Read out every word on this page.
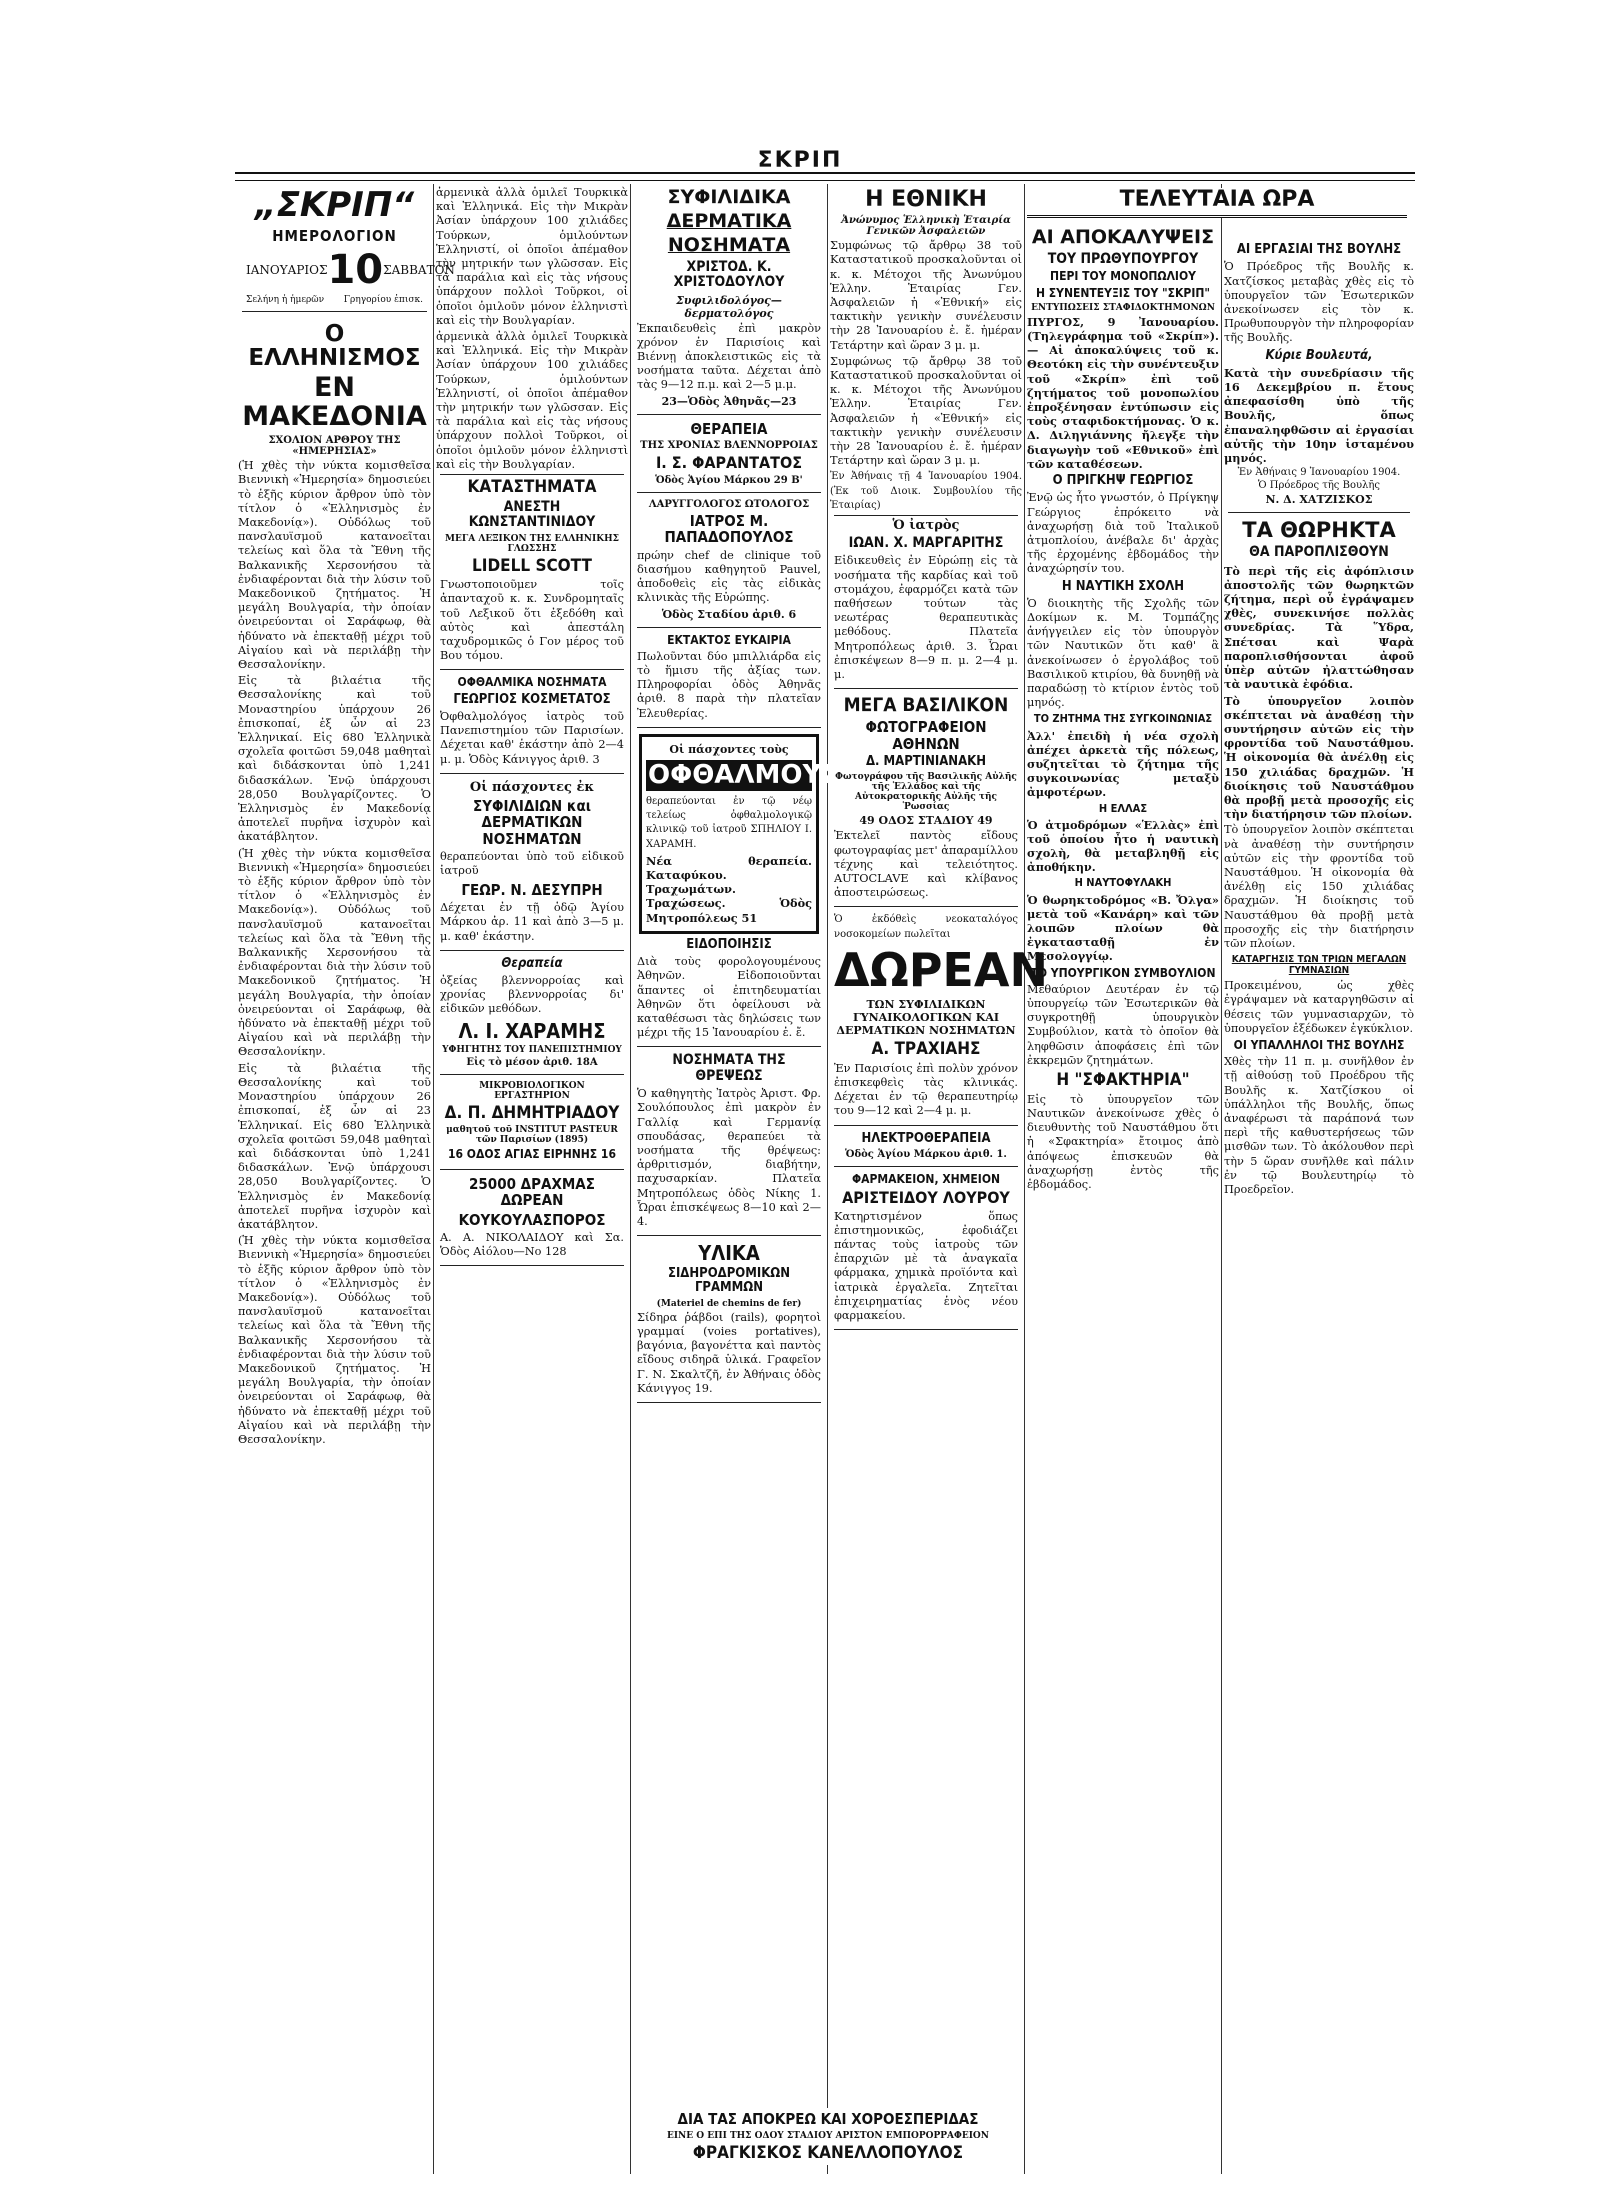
ΣΚΡΙΠ
„ΣΚΡΙΠ“
ΗΜΕΡΟΛΟΓΙΟΝ
ΙΑΝΟΥΑΡΙΟΣ 10 ΣΑΒΒΑΤΟΝ
Σελήνη ἡ ἡμερῶν Γρηγορίου ἐπισκ.
Ο ΕΛΛΗΝΙΣΜΟΣ
ΕΝ ΜΑΚΕΔΟΝΙΑ
ΣΧΟΛΙΟΝ ΑΡΘΡΟΥ ΤΗΣ «ΗΜΕΡΗΣΙΑΣ»

(Ἡ χθὲς τὴν νύκτα κομισθεῖσα Βιεννικὴ «Ἡμερησία» δημοσιεύει τὸ ἑξῆς κύριον ἄρθρον ὑπὸ τὸν τίτλον ὁ «Ἑλληνισμὸς ἐν Μακεδονίᾳ»). Οὐδόλως τοῦ πανσλαυϊσμοῦ κατανοεῖται τελείως καὶ ὅλα τὰ Ἔθνη τῆς Βαλκανικῆς Χερσονήσου τὰ ἐνδιαφέρονται διὰ τὴν λύσιν τοῦ Μακεδονικοῦ ζητήματος. Ἡ μεγάλη Βουλγαρία, τὴν ὁποίαν ὀνειρεύονται οἱ Σαράφωφ, θὰ ἠδύνατο νὰ ἐπεκταθῇ μέχρι τοῦ Αἰγαίου καὶ νὰ περιλάβῃ τὴν Θεσσαλονίκην.

Εἰς τὰ βιλαέτια τῆς Θεσσαλονίκης καὶ τοῦ Μοναστηρίου ὑπάρχουν 26 ἐπισκοπαί, ἐξ ὧν αἱ 23 Ἑλληνικαί. Εἰς 680 Ἑλληνικὰ σχολεῖα φοιτῶσι 59,048 μαθηταὶ καὶ διδάσκονται ὑπὸ 1,241 διδασκάλων. Ἐνῷ ὑπάρχουσι 28,050 Βουλγαρίζοντες. Ὁ Ἑλληνισμὸς ἐν Μακεδονίᾳ ἀποτελεῖ πυρῆνα ἰσχυρὸν καὶ ἀκατάβλητον.

(Ἡ χθὲς τὴν νύκτα κομισθεῖσα Βιεννικὴ «Ἡμερησία» δημοσιεύει τὸ ἑξῆς κύριον ἄρθρον ὑπὸ τὸν τίτλον ὁ «Ἑλληνισμὸς ἐν Μακεδονίᾳ»). Οὐδόλως τοῦ πανσλαυϊσμοῦ κατανοεῖται τελείως καὶ ὅλα τὰ Ἔθνη τῆς Βαλκανικῆς Χερσονήσου τὰ ἐνδιαφέρονται διὰ τὴν λύσιν τοῦ Μακεδονικοῦ ζητήματος. Ἡ μεγάλη Βουλγαρία, τὴν ὁποίαν ὀνειρεύονται οἱ Σαράφωφ, θὰ ἠδύνατο νὰ ἐπεκταθῇ μέχρι τοῦ Αἰγαίου καὶ νὰ περιλάβῃ τὴν Θεσσαλονίκην.

Εἰς τὰ βιλαέτια τῆς Θεσσαλονίκης καὶ τοῦ Μοναστηρίου ὑπάρχουν 26 ἐπισκοπαί, ἐξ ὧν αἱ 23 Ἑλληνικαί. Εἰς 680 Ἑλληνικὰ σχολεῖα φοιτῶσι 59,048 μαθηταὶ καὶ διδάσκονται ὑπὸ 1,241 διδασκάλων. Ἐνῷ ὑπάρχουσι 28,050 Βουλγαρίζοντες. Ὁ Ἑλληνισμὸς ἐν Μακεδονίᾳ ἀποτελεῖ πυρῆνα ἰσχυρὸν καὶ ἀκατάβλητον.

(Ἡ χθὲς τὴν νύκτα κομισθεῖσα Βιεννικὴ «Ἡμερησία» δημοσιεύει τὸ ἑξῆς κύριον ἄρθρον ὑπὸ τὸν τίτλον ὁ «Ἑλληνισμὸς ἐν Μακεδονίᾳ»). Οὐδόλως τοῦ πανσλαυϊσμοῦ κατανοεῖται τελείως καὶ ὅλα τὰ Ἔθνη τῆς Βαλκανικῆς Χερσονήσου τὰ ἐνδιαφέρονται διὰ τὴν λύσιν τοῦ Μακεδονικοῦ ζητήματος. Ἡ μεγάλη Βουλγαρία, τὴν ὁποίαν ὀνειρεύονται οἱ Σαράφωφ, θὰ ἠδύνατο νὰ ἐπεκταθῇ μέχρι τοῦ Αἰγαίου καὶ νὰ περιλάβῃ τὴν Θεσσαλονίκην.

ἀρμενικὰ ἀλλὰ ὁμιλεῖ Τουρκικὰ καὶ Ἑλληνικά. Εἰς τὴν Μικρὰν Ἀσίαν ὑπάρχουν 100 χιλιάδες Τούρκων, ὁμιλούντων Ἑλληνιστί, οἱ ὁποῖοι ἀπέμαθον τὴν μητρικήν των γλῶσσαν. Εἰς τὰ παράλια καὶ εἰς τὰς νήσους ὑπάρχουν πολλοὶ Τοῦρκοι, οἱ ὁποῖοι ὁμιλοῦν μόνον ἑλληνιστὶ καὶ εἰς τὴν Βουλγαρίαν.

ἀρμενικὰ ἀλλὰ ὁμιλεῖ Τουρκικὰ καὶ Ἑλληνικά. Εἰς τὴν Μικρὰν Ἀσίαν ὑπάρχουν 100 χιλιάδες Τούρκων, ὁμιλούντων Ἑλληνιστί, οἱ ὁποῖοι ἀπέμαθον τὴν μητρικήν των γλῶσσαν. Εἰς τὰ παράλια καὶ εἰς τὰς νήσους ὑπάρχουν πολλοὶ Τοῦρκοι, οἱ ὁποῖοι ὁμιλοῦν μόνον ἑλληνιστὶ καὶ εἰς τὴν Βουλγαρίαν.

ΚΑΤΑΣΤΗΜΑΤΑ
ΑΝΕΣΤΗ ΚΩΝΣΤΑΝΤΙΝΙΔΟΥ
ΜΕΓΑ ΛΕΞΙΚΟΝ ΤΗΣ ΕΛΛΗΝΙΚΗΣ ΓΛΩΣΣΗΣ
LIDELL SCOTT

Γνωστοποιοῦμεν τοῖς ἀπανταχοῦ κ. κ. Συνδρομηταῖς τοῦ Λεξικοῦ ὅτι ἐξεδόθη καὶ αὐτὸς καὶ ἀπεστάλη ταχυδρομικῶς ὁ Γον μέρος τοῦ Βου τόμου.

ΟΦΘΑΛΜΙΚΑ ΝΟΣΗΜΑΤΑ
ΓΕΩΡΓΙΟΣ ΚΟΣΜΕΤΑΤΟΣ

Ὀφθαλμολόγος ἰατρὸς τοῦ Πανεπιστημίου τῶν Παρισίων. Δέχεται καθ' ἑκάστην ἀπὸ 2—4 μ. μ. Ὁδὸς Κάνιγγος ἀριθ. 3

Οἱ πάσχοντες ἐκ
ΣΥΦΙΛΙΔΙΩΝ και ΔΕΡΜΑΤΙΚΩΝ ΝΟΣΗΜΑΤΩΝ

θεραπεύονται ὑπὸ τοῦ εἰδικοῦ ἰατροῦ

ΓΕΩΡ. Ν. ΔΕΣΥΠΡΗ

Δέχεται ἐν τῇ ὁδῷ Ἁγίου Μάρκου ἀρ. 11 καὶ ἀπὸ 3—5 μ. μ. καθ' ἑκάστην.

Θεραπεία

ὀξείας βλεννορροίας καὶ χρονίας βλεννορροίας δι' εἰδικῶν μεθόδων.

Λ. Ι. ΧΑΡΑΜΗΣ
ΥΦΗΓΗΤΗΣ ΤΟΥ ΠΑΝΕΠΙΣΤΗΜΙΟΥ
Εἰς τὸ μέσον ἀριθ. 18Α
ΜΙΚΡΟΒΙΟΛΟΓΙΚΟΝ ΕΡΓΑΣΤΗΡΙΟΝ
Δ. Π. ΔΗΜΗΤΡΙΑΔΟΥ
μαθητοῦ τοῦ INSTITUT PASTEUR τῶν Παρισίων (1895)
16 ΟΔΟΣ ΑΓΙΑΣ ΕΙΡΗΝΗΣ 16
25000 ΔΡΑΧΜΑΣ ΔΩΡΕΑΝ
ΚΟΥΚΟΥΛΑΣΠΟΡΟΣ

Α. Α. ΝΙΚΟΛΑΙΔΟΥ καὶ Σα. Ὁδὸς Αἰόλου—Νο 128

ΣΥΦΙΛΙΔΙΚΑ
ΔΕΡΜΑΤΙΚΑ
ΝΟΣΗΜΑΤΑ
ΧΡΙΣΤΟΔ. Κ. ΧΡΙΣΤΟΔΟΥΛΟΥ
Συφιλιδολόγος—δερματολόγος

Ἐκπαιδευθεὶς ἐπὶ μακρὸν χρόνον ἐν Παρισίοις καὶ Βιέννῃ ἀποκλειστικῶς εἰς τὰ νοσήματα ταῦτα. Δέχεται ἀπὸ τὰς 9—12 π.μ. καὶ 2—5 μ.μ.

23—Ὁδὸς Ἀθηνᾶς—23
ΘΕΡΑΠΕΙΑ
ΤΗΣ ΧΡΟΝΙΑΣ ΒΛΕΝΝΟΡΡΟΙΑΣ
Ι. Σ. ΦΑΡΑΝΤΑΤΟΣ
Ὁδὸς Ἁγίου Μάρκου 29 Β'
ΛΑΡΥΓΓΟΛΟΓΟΣ ΩΤΟΛΟΓΟΣ
ΙΑΤΡΟΣ Μ. ΠΑΠΑΔΟΠΟΥΛΟΣ

πρώην chef de clinique τοῦ διασήμου καθηγητοῦ Pauvel, ἀποδοθεὶς εἰς τὰς εἰδικὰς κλινικὰς τῆς Εὐρώπης.

Ὁδὸς Σταδίου ἀριθ. 6
ΕΚΤΑΚΤΟΣ ΕΥΚΑΙΡΙΑ

Πωλοῦνται δύο μπιλλιάρδα εἰς τὸ ἥμισυ τῆς ἀξίας των. Πληροφορίαι ὁδὸς Ἀθηνᾶς ἀριθ. 8 παρὰ τὴν πλατεῖαν Ἐλευθερίας.

Οἱ πάσχοντες τοὺς
ΟΦΘΑΛΜΟΥΣ

θεραπεύονται ἐν τῷ νέῳ τελείως ὀφθαλμολογικῷ κλινικῷ τοῦ ἰατροῦ ΣΠΗΛΙΟΥ Ι. ΧΑΡΑΜΗ.

Νέα θεραπεία. Καταφύκου. Τραχωμάτων. Τραχώσεως. Ὁδὸς Μητροπόλεως 51

ΕΙΔΟΠΟΙΗΣΙΣ

Διὰ τοὺς φορολογουμένους Ἀθηνῶν. Εἰδοποιοῦνται ἅπαντες οἱ ἐπιτηδευματίαι Ἀθηνῶν ὅτι ὀφείλουσι νὰ καταθέσωσι τὰς δηλώσεις των μέχρι τῆς 15 Ἰανουαρίου ἐ. ἔ.

ΝΟΣΗΜΑΤΑ ΤΗΣ ΘΡΕΨΕΩΣ

Ὁ καθηγητὴς Ἰατρὸς Ἀριστ. Φρ. Σουλόπουλος ἐπὶ μακρὸν ἐν Γαλλίᾳ καὶ Γερμανίᾳ σπουδάσας, θεραπεύει τὰ νοσήματα τῆς θρέψεως: ἀρθριτισμόν, διαβήτην, παχυσαρκίαν. Πλατεῖα Μητροπόλεως ὁδὸς Νίκης 1. Ὧραι ἐπισκέψεως 8—10 καὶ 2—4.

ΥΛΙΚΑ
ΣΙΔΗΡΟΔΡΟΜΙΚΩΝ ΓΡΑΜΜΩΝ
(Materiel de chemins de fer)

Σίδηρα ῥάβδοι (rails), φορητοὶ γραμμαί (voies portatives), βαγόνια, βαγονέττα καὶ παντὸς εἴδους σιδηρᾶ ὑλικά. Γραφεῖον Γ. Ν. Σκαλτζῆ, ἐν Ἀθήναις ὁδὸς Κάνιγγος 19.

ΔΙΑ ΤΑΣ ΑΠΟΚΡΕΩ ΚΑΙ ΧΟΡΟΕΣΠΕΡΙΔΑΣ
ΕΙΝΕ Ο ΕΠΙ ΤΗΣ ΟΔΟΥ ΣΤΑΔΙΟΥ ΑΡΙΣΤΟΝ ΕΜΠΟΡΟΡΡΑΦΕΙΟΝ
ΦΡΑΓΚΙΣΚΟΣ ΚΑΝΕΛΛΟΠΟΥΛΟΣ
Η ΕΘΝΙΚΗ
Ἀνώνυμος Ἑλληνικὴ Ἑταιρία Γενικῶν Ἀσφαλειῶν

Συμφώνως τῷ ἄρθρῳ 38 τοῦ Καταστατικοῦ προσκαλοῦνται οἱ κ. κ. Μέτοχοι τῆς Ἀνωνύμου Ἑλλην. Ἑταιρίας Γεν. Ἀσφαλειῶν ἡ «Ἐθνική» εἰς τακτικὴν γενικὴν συνέλευσιν τὴν 28 Ἰανουαρίου ἐ. ἔ. ἡμέραν Τετάρτην καὶ ὥραν 3 μ. μ.

Συμφώνως τῷ ἄρθρῳ 38 τοῦ Καταστατικοῦ προσκαλοῦνται οἱ κ. κ. Μέτοχοι τῆς Ἀνωνύμου Ἑλλην. Ἑταιρίας Γεν. Ἀσφαλειῶν ἡ «Ἐθνική» εἰς τακτικὴν γενικὴν συνέλευσιν τὴν 28 Ἰανουαρίου ἐ. ἔ. ἡμέραν Τετάρτην καὶ ὥραν 3 μ. μ.

Ἐν Ἀθήναις τῇ 4 Ἰανουαρίου 1904. (Ἐκ τοῦ Διοικ. Συμβουλίου τῆς Ἑταιρίας)

Ὁ ἰατρὸς
ΙΩΑΝ. Χ. ΜΑΡΓΑΡΙΤΗΣ

Εἰδικευθεὶς ἐν Εὐρώπῃ εἰς τὰ νοσήματα τῆς καρδίας καὶ τοῦ στομάχου, ἐφαρμόζει κατὰ τῶν παθήσεων τούτων τὰς νεωτέρας θεραπευτικὰς μεθόδους. Πλατεῖα Μητροπόλεως ἀριθ. 3. Ὧραι ἐπισκέψεων 8—9 π. μ. 2—4 μ. μ.

ΜΕΓΑ ΒΑΣΙΛΙΚΟΝ
ΦΩΤΟΓΡΑΦΕΙΟΝ ΑΘΗΝΩΝ
Δ. ΜΑΡΤΙΝΙΑΝΑΚΗ
Φωτογράφου τῆς Βασιλικῆς Αὐλῆς τῆς Ἑλλάδος καὶ τῆς Αὐτοκρατορικῆς Αὐλῆς τῆς Ῥωσσίας
49 ΟΔΟΣ ΣΤΑΔΙΟΥ 49

Ἐκτελεῖ παντὸς εἴδους φωτογραφίας μετ' ἀπαραμίλλου τέχνης καὶ τελειότητος. AUTOCLAVE καὶ κλίβανος ἀποστειρώσεως.

Ὁ ἐκδόθεὶς νεοκαταλόγος νοσοκομείων πωλεῖται

ΔΩΡΕΑΝ
ΤΩΝ ΣΥΦΙΛΙΔΙΚΩΝ ΓΥΝΑΙΚΟΛΟΓΙΚΩΝ ΚΑΙ ΔΕΡΜΑΤΙΚΩΝ ΝΟΣΗΜΑΤΩΝ
Α. ΤΡΑΧΙΑΗΣ

Ἐν Παρισίοις ἐπὶ πολὺν χρόνον ἐπισκεφθεὶς τὰς κλινικάς. Δέχεται ἐν τῷ θεραπευτηρίῳ του 9—12 καὶ 2—4 μ. μ.

ΗΛΕΚΤΡΟΘΕΡΑΠΕΙΑ
Ὁδὸς Ἁγίου Μάρκου ἀριθ. 1.
ΦΑΡΜΑΚΕΙΟΝ, ΧΗΜΕΙΟΝ
ΑΡΙΣΤΕΙΔΟΥ ΛΟΥΡΟΥ

Κατηρτισμένον ὅπως ἐπιστημονικῶς, ἐφοδιάζει πάντας τοὺς ἰατροὺς τῶν ἐπαρχιῶν μὲ τὰ ἀναγκαῖα φάρμακα, χημικὰ προϊόντα καὶ ἰατρικὰ ἐργαλεῖα. Ζητεῖται ἐπιχειρηματίας ἑνὸς νέου φαρμακείου.

ΤΕΛΕΥΤΑΙΑ ΩΡΑ
ΑΙ ΑΠΟΚΑΛΥΨΕΙΣ
ΤΟΥ ΠΡΩΘΥΠΟΥΡΓΟΥ
ΠΕΡΙ ΤΟΥ ΜΟΝΟΠΩΛΙΟΥ
Η ΣΥΝΕΝΤΕΥΞΙΣ ΤΟΥ "ΣΚΡΙΠ"
ΕΝΤΥΠΩΣΕΙΣ ΣΤΑΦΙΔΟΚΤΗΜΟΝΩΝ

ΠΥΡΓΟΣ, 9 Ἰανουαρίου. (Τηλεγράφημα τοῦ «Σκρίπ»). — Αἱ ἀποκαλύψεις τοῦ κ. Θεοτόκη εἰς τὴν συνέντευξιν τοῦ «Σκρίπ» ἐπὶ τοῦ ζητήματος τοῦ μονοπωλίου ἐπροξένησαν ἐντύπωσιν εἰς τοὺς σταφιδοκτήμονας. Ὁ κ. Δ. Διληγιάννης ἤλεγξε τὴν διαγωγὴν τοῦ «Εθνικοῦ» ἐπὶ τῶν καταθέσεων.

Ο ΠΡΙΓΚΗΨ ΓΕΩΡΓΙΟΣ

Ἐνῷ ὡς ἦτο γνωστόν, ὁ Πρίγκηψ Γεώργιος ἐπρόκειτο νὰ ἀναχωρήσῃ διὰ τοῦ Ἰταλικοῦ ἀτμοπλοίου, ἀνέβαλε δι' ἀρχὰς τῆς ἐρχομένης ἑβδομάδος τὴν ἀναχώρησίν του.

Η ΝΑΥΤΙΚΗ ΣΧΟΛΗ

Ὁ διοικητὴς τῆς Σχολῆς τῶν Δοκίμων κ. Μ. Τομπάζης ἀνήγγειλεν εἰς τὸν ὑπουργὸν τῶν Ναυτικῶν ὅτι καθ' ἃ ἀνεκοίνωσεν ὁ ἐργολάβος τοῦ Βασιλικοῦ κτιρίου, θὰ δυνηθῇ νὰ παραδώσῃ τὸ κτίριον ἐντὸς τοῦ μηνός.

ΤΟ ΖΗΤΗΜΑ ΤΗΣ ΣΥΓΚΟΙΝΩΝΙΑΣ

Ἀλλ' ἐπειδὴ ἡ νέα σχολὴ ἀπέχει ἀρκετὰ τῆς πόλεως, συζητεῖται τὸ ζήτημα τῆς συγκοινωνίας μεταξὺ ἀμφοτέρων.

Η ΕΛΛΑΣ

Ὁ ἀτμοδρόμων «Ἑλλὰς» ἐπὶ τοῦ ὁποίου ἦτο ἡ ναυτικὴ σχολὴ, θὰ μεταβληθῇ εἰς ἀποθήκην.

Η ΝΑΥΤΟΦΥΛΑΚΗ

Ὁ θωρηκτοδρόμος «Β. Ὄλγα» μετὰ τοῦ «Κανάρη» καὶ τῶν λοιπῶν πλοίων θὰ ἐγκατασταθῇ ἐν Μεσολογγίῳ.

ΤΟ ΥΠΟΥΡΓΙΚΟΝ ΣΥΜΒΟΥΛΙΟΝ

Μεθαύριον Δευτέραν ἐν τῷ ὑπουργείῳ τῶν Ἐσωτερικῶν θὰ συγκροτηθῇ ὑπουργικὸν Συμβούλιον, κατὰ τὸ ὁποῖον θὰ ληφθῶσιν ἀποφάσεις ἐπὶ τῶν ἐκκρεμῶν ζητημάτων.

Η "ΣΦΑΚΤΗΡΙΑ"

Εἰς τὸ ὑπουργεῖον τῶν Ναυτικῶν ἀνεκοίνωσε χθὲς ὁ διευθυντὴς τοῦ Ναυστάθμου ὅτι ἡ «Σφακτηρία» ἔτοιμος ἀπὸ ἀπόψεως ἐπισκευῶν θὰ ἀναχωρήσῃ ἐντὸς τῆς ἑβδομάδος.

ΑΙ ΕΡΓΑΣΙΑΙ ΤΗΣ ΒΟΥΛΗΣ

Ὁ Πρόεδρος τῆς Βουλῆς κ. Χατζίσκος μεταβὰς χθὲς εἰς τὸ ὑπουργεῖον τῶν Ἐσωτερικῶν ἀνεκοίνωσεν εἰς τὸν κ. Πρωθυπουργὸν τὴν πληροφορίαν τῆς Βουλῆς.

Κύριε Βουλευτά,

Κατὰ τὴν συνεδρίασιν τῆς 16 Δεκεμβρίου π. ἔτους ἀπεφασίσθη ὑπὸ τῆς Βουλῆς, ὅπως ἐπαναληφθῶσιν αἱ ἐργασίαι αὐτῆς τὴν 10ην ἱσταμένου μηνός.

Ἐν Ἀθήναις 9 Ἰανουαρίου 1904.
Ὁ Πρόεδρος τῆς Βουλῆς
Ν. Δ. ΧΑΤΖΙΣΚΟΣ
ΤΑ ΘΩΡΗΚΤΑ
ΘΑ ΠΑΡΟΠΛΙΣΘΟΥΝ

Τὸ περὶ τῆς εἰς ἀφόπλισιν ἀποστολῆς τῶν θωρηκτῶν ζήτημα, περὶ οὗ ἐγράψαμεν χθὲς, συνεκινήσε πολλὰς συνεδρίας. Τὰ Ὕδρα, Σπέτσαι καὶ Ψαρὰ παροπλισθήσονται ἀφοῦ ὑπὲρ αὐτῶν ἠλαττώθησαν τὰ ναυτικὰ ἐφόδια.

Τὸ ὑπουργεῖον λοιπὸν σκέπτεται νὰ ἀναθέσῃ τὴν συντήρησιν αὐτῶν εἰς τὴν φροντίδα τοῦ Ναυστάθμου. Ἡ οἰκονομία θὰ ἀνέλθῃ εἰς 150 χιλιάδας δραχμῶν. Ἡ διοίκησις τοῦ Ναυστάθμου θὰ προβῇ μετὰ προσοχῆς εἰς τὴν διατήρησιν τῶν πλοίων.

Τὸ ὑπουργεῖον λοιπὸν σκέπτεται νὰ ἀναθέσῃ τὴν συντήρησιν αὐτῶν εἰς τὴν φροντίδα τοῦ Ναυστάθμου. Ἡ οἰκονομία θὰ ἀνέλθῃ εἰς 150 χιλιάδας δραχμῶν. Ἡ διοίκησις τοῦ Ναυστάθμου θὰ προβῇ μετὰ προσοχῆς εἰς τὴν διατήρησιν τῶν πλοίων.

ΚΑΤΑΡΓΗΣΙΣ ΤΩΝ ΤΡΙΩΝ ΜΕΓΑΛΩΝ ΓΥΜΝΑΣΙΩΝ

Προκειμένου, ὡς χθὲς ἐγράψαμεν νὰ καταργηθῶσιν αἱ θέσεις τῶν γυμνασιαρχῶν, τὸ ὑπουργεῖον ἐξέδωκεν ἐγκύκλιον.

ΟΙ ΥΠΑΛΛΗΛΟΙ ΤΗΣ ΒΟΥΛΗΣ

Χθὲς τὴν 11 π. μ. συνῆλθον ἐν τῇ αἰθούσῃ τοῦ Προέδρου τῆς Βουλῆς κ. Χατζίσκου οἱ ὑπάλληλοι τῆς Βουλῆς, ὅπως ἀναφέρωσι τὰ παράπονά των περὶ τῆς καθυστερήσεως τῶν μισθῶν των. Τὸ ἀκόλουθον περὶ τὴν 5 ὥραν συνῆλθε καὶ πάλιν ἐν τῷ Βουλευτηρίῳ τὸ Προεδρεῖον.
